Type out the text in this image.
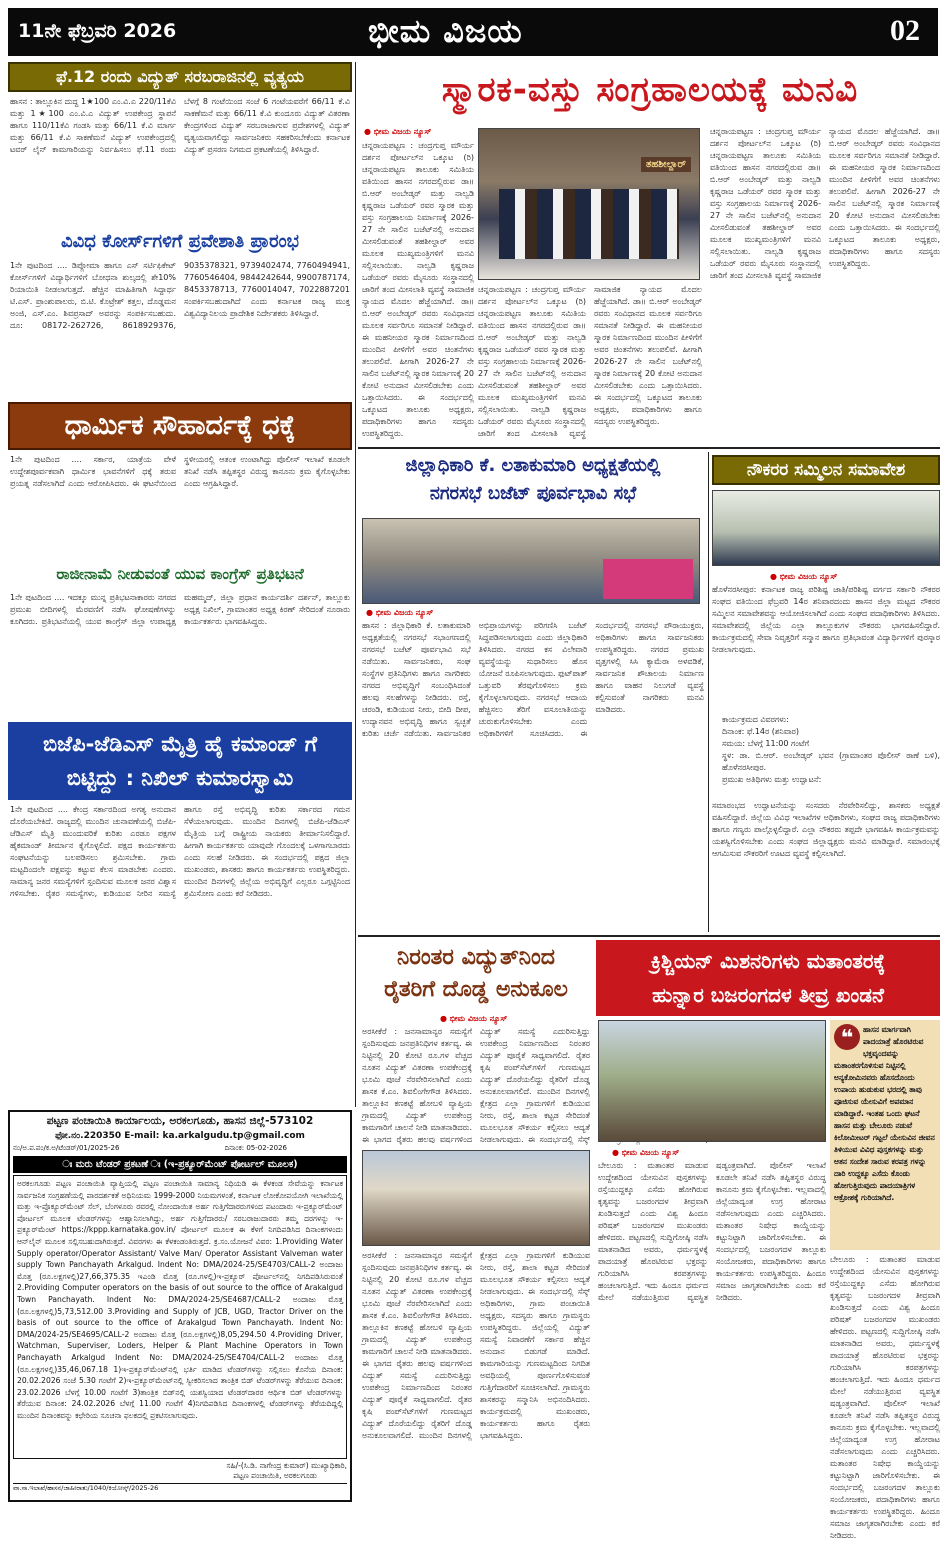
11ನೇ ಫೆಬ್ರವರಿ 2026	ಭೀಮ ವಿಜಯ	02
ಫೆ.12 ರಂದು ವಿದ್ಯುತ್ ಸರಬರಾಜಿನಲ್ಲಿ ವ್ಯತ್ಯಯ
ಹಾಸನ : ತಾಲ್ಲೂಕಿನ ದುದ್ದ 1★100 ಎಂ.ವಿ.ಎ 220/11ಕೆವಿ ಮತ್ತು 1★100 ಎಂ.ವಿ.ಎ ವಿದ್ಯುತ್ ಉಪಕೇಂದ್ರ ಸ್ಥಾಪನೆ ಹಾಗೂ 110/11ಕೆವಿ ಗಂಡಸಿ ಮತ್ತು 66/11 ಕೆ.ವಿ ಮಾರ್ಗ ಮತ್ತು 66/11 ಕೆ.ವಿ ಸಾಕಣೆಮನೆ ವಿದ್ಯುತ್ ಉಪಕೇಂದ್ರದಲ್ಲಿ ಟವರ್ ಲೈನ್ ಕಾಮಗಾರಿಯನ್ನು ನಿರ್ವಹಿಸಲು ಫೆ.11 ರಂದು ಬೆಳಗ್ಗೆ 8 ಗಂಟೆಯಿಂದ ಸಂಜೆ 6 ಗಂಟೆಯವರೆಗೆ 66/11 ಕೆ.ವಿ ಸಾಕಣೆಮನೆ ಮತ್ತು 66/11 ಕೆ.ವಿ ಕುಂದೂರು ವಿದ್ಯುತ್ ವಿತರಣಾ ಕೇಂದ್ರಗಳಿಂದ ವಿದ್ಯುತ್ ಸರಬರಾಜಾಗುವ ಪ್ರದೇಶಗಳಲ್ಲಿ ವಿದ್ಯುತ್ ವ್ಯತ್ಯಯವಾಗಲಿದ್ದು ಸಾರ್ವಜನಿಕರು ಸಹಕರಿಸಬೇಕೆಂದು ಕರ್ನಾಟಕ ವಿದ್ಯುತ್ ಪ್ರಸರಣ ನಿಗಮದ ಪ್ರಕಟಣೆಯಲ್ಲಿ ತಿಳಿಸಿದ್ದಾರೆ.
ವಿವಿಧ ಕೋರ್ಸ್‌ಗಳಿಗೆ ಪ್ರವೇಶಾತಿ ಪ್ರಾರಂಭ
1ನೇ ಪುಟದಿಂದ .... ಡಿಪ್ಲೋಮಾ ಹಾಗೂ ಎಸ್ ಸರ್ಟಿಫಿಕೇಟ್ ಕೋರ್ಸ್‌ಗಳಿಗೆ ವಿದ್ಯಾರ್ಥಿಗಳಿಗೆ ಬೋಧನಾ ಶುಲ್ಕದಲ್ಲಿ ಶೇ10% ರಿಯಾಯಿತಿ ನೀಡಲಾಗುತ್ತದೆ. ಹೆಚ್ಚಿನ ಮಾಹಿತಿಗಾಗಿ ಸಿದ್ದಾರ್ಥ ಟಿ.ಎಸ್. ಪ್ರಾಂಶುಪಾಲರು, ಬಿ.ಟಿ. ಕೊಟ್ರೇಶ್ ಕತ್ತಲ, ದೊಡ್ಡಮನ ಅಂಜಿ, ಎಸ್.ಎಂ. ಶಿವಪ್ರಸಾದ್ ಅವರನ್ನು ಸಂಪರ್ಕಿಸಬಹುದು. ದೂ: 08172-262726, 8618929376, 9035378321, 9739402474, 7760494941, 7760546404, 9844242644, 9900787174, 8453378713, 7760014047, 7022887201 ಸಂಪರ್ಕಿಸಬಹುದಾಗಿದೆ ಎಂದು ಕರ್ನಾಟಕ ರಾಜ್ಯ ಮುಕ್ತ ವಿಶ್ವವಿದ್ಯಾನಿಲಯ ಪ್ರಾದೇಶಿಕ ನಿರ್ದೇಶಕರು ತಿಳಿಸಿದ್ದಾರೆ.
ಧಾರ್ಮಿಕ ಸೌಹಾರ್ದಕ್ಕೆ ಧಕ್ಕೆ
1ನೇ ಪುಟದಿಂದ .... ಸರ್ಕಾರ, ಯಾತ್ರೆಯ ವೇಳೆ ಉದ್ದೇಶಪೂರ್ವಕವಾಗಿ ಧಾರ್ಮಿಕ ಭಾವನೆಗಳಿಗೆ ಧಕ್ಕೆ ತರುವ ಪ್ರಯತ್ನ ನಡೆಸಲಾಗಿದೆ ಎಂದು ಆರೋಪಿಸಿದರು. ಈ ಘಟನೆಯಿಂದ ಸ್ಥಳೀಯರಲ್ಲಿ ಆತಂಕ ಉಂಟಾಗಿದ್ದು ಪೊಲೀಸ್ ಇಲಾಖೆ ಕೂಡಲೇ ತನಿಖೆ ನಡೆಸಿ ತಪ್ಪಿತಸ್ಥರ ವಿರುದ್ಧ ಕಾನೂನು ಕ್ರಮ ಕೈಗೊಳ್ಳಬೇಕು ಎಂದು ಆಗ್ರಹಿಸಿದ್ದಾರೆ.
ರಾಜೀನಾಮೆ ನೀಡುವಂತೆ ಯುವ ಕಾಂಗ್ರೆಸ್ ಪ್ರತಿಭಟನೆ
1ನೇ ಪುಟದಿಂದ .... ಇದಕ್ಕೂ ಮುನ್ನ ಪ್ರತಿಭಟನಾಕಾರರು ನಗರದ ಪ್ರಮುಖ ಬೀದಿಗಳಲ್ಲಿ ಮೆರವಣಿಗೆ ನಡೆಸಿ ಘೋಷಣೆಗಳನ್ನು ಕೂಗಿದರು. ಪ್ರತಿಭಟನೆಯಲ್ಲಿ ಯುವ ಕಾಂಗ್ರೆಸ್ ಜಿಲ್ಲಾ ಉಪಾಧ್ಯಕ್ಷ ಮಹಮ್ಮದ್, ಜಿಲ್ಲಾ ಪ್ರಧಾನ ಕಾರ್ಯದರ್ಶಿ ದರ್ಶನ್, ತಾಲ್ಲೂಕು ಅಧ್ಯಕ್ಷ ನಿಖಿಲ್, ಗ್ರಾಮಾಂತರ ಅಧ್ಯಕ್ಷ ಕಿರಣ್ ಸೇರಿದಂತೆ ನೂರಾರು ಕಾರ್ಯಕರ್ತರು ಭಾಗವಹಿಸಿದ್ದರು.
ಬಿಜೆಪಿ-ಜೆಡಿಎಸ್ ಮೈತ್ರಿ ಹೈ ಕಮಾಂಡ್ ಗೆ ಬಿಟ್ಟಿದ್ದು : ನಿಖಿಲ್ ಕುಮಾರಸ್ವಾಮಿ
1ನೇ ಪುಟದಿಂದ .... ಕೇಂದ್ರ ಸರ್ಕಾರದಿಂದ ಅಗತ್ಯ ಅನುದಾನ ದೊರೆಯಬೇಕಿದೆ. ರಾಜ್ಯದಲ್ಲಿ ಮುಂದಿನ ಚುನಾವಣೆಯಲ್ಲಿ ಬಿಜೆಪಿ-ಜೆಡಿಎಸ್ ಮೈತ್ರಿ ಮುಂದುವರಿಕೆ ಕುರಿತು ಎರಡೂ ಪಕ್ಷಗಳ ಹೈಕಮಾಂಡ್ ತೀರ್ಮಾನ ಕೈಗೊಳ್ಳಲಿದೆ. ಪಕ್ಷದ ಕಾರ್ಯಕರ್ತರು ಸಂಘಟನೆಯನ್ನು ಬಲಪಡಿಸಲು ಶ್ರಮಿಸಬೇಕು. ಗ್ರಾಮ ಮಟ್ಟದಿಂದಲೇ ಪಕ್ಷವನ್ನು ಕಟ್ಟುವ ಕೆಲಸ ಮಾಡಬೇಕು ಎಂದರು. ಸಾಮಾನ್ಯ ಜನರ ಸಮಸ್ಯೆಗಳಿಗೆ ಸ್ಪಂದಿಸುವ ಮೂಲಕ ಜನರ ವಿಶ್ವಾಸ ಗಳಿಸಬೇಕು. ರೈತರ ಸಮಸ್ಯೆಗಳು, ಕುಡಿಯುವ ನೀರಿನ ಸಮಸ್ಯೆ ಹಾಗೂ ರಸ್ತೆ ಅಭಿವೃದ್ಧಿ ಕುರಿತು ಸರ್ಕಾರದ ಗಮನ ಸೆಳೆಯಲಾಗುವುದು. ಮುಂದಿನ ದಿನಗಳಲ್ಲಿ ಬಿಜೆಪಿ-ಜೆಡಿಎಸ್ ಮೈತ್ರಿಯ ಬಗ್ಗೆ ರಾಷ್ಟ್ರೀಯ ನಾಯಕರು ತೀರ್ಮಾನಿಸಲಿದ್ದಾರೆ. ಹೀಗಾಗಿ ಕಾರ್ಯಕರ್ತರು ಯಾವುದೇ ಗೊಂದಲಕ್ಕೆ ಒಳಗಾಗಬಾರದು ಎಂದು ಸಲಹೆ ನೀಡಿದರು. ಈ ಸಂದರ್ಭದಲ್ಲಿ ಪಕ್ಷದ ಜಿಲ್ಲಾ ಮುಖಂಡರು, ಶಾಸಕರು ಹಾಗೂ ಕಾರ್ಯಕರ್ತರು ಉಪಸ್ಥಿತರಿದ್ದರು. ಮುಂದಿನ ದಿನಗಳಲ್ಲಿ ಜಿಲ್ಲೆಯ ಅಭಿವೃದ್ಧಿಗೆ ಎಲ್ಲರೂ ಒಗ್ಗಟ್ಟಿನಿಂದ ಶ್ರಮಿಸೋಣ ಎಂದು ಕರೆ ನೀಡಿದರು.
ಪಟ್ಟಣ ಪಂಚಾಯಿತಿ ಕಾರ್ಯಾಲಯ, ಅರಕಲಗೂಡು, ಹಾಸನ ಜಿಲ್ಲೆ-573102
ಫೋ.ನಂ.220350 E-mail: ka.arkalgudu.tp@gmail.com
ನಂ/ಅ.ಪ.ಪಂ/ಕ.ಅ/ಟೆಂಡರ್/01/2025-26	ದಿನಾಂಕ: 05-02-2026
ಃ ಮರು ಟೆಂಡರ್ ಪ್ರಕಟಣೆ ಃ (ಇ-ಪ್ರಕ್ಯೂರ್‌ಮೆಂಟ್ ಪೋರ್ಟಲ್ ಮೂಲಕ)
ಅರಕಲಗೂಡು ಪಟ್ಟಣ ಪಂಚಾಯಿತಿ ವ್ಯಾಪ್ತಿಯಲ್ಲಿ ಪಟ್ಟಣ ಪಂಚಾಯಿತಿ ಸಾಮಾನ್ಯ ನಿಧಿಯಡಿ ಈ ಕೆಳಕಂಡ ಸೇವೆಯನ್ನು ಕರ್ನಾಟಕ ಸಾರ್ವಜನಿಕ ಸಂಗ್ರಹಣೆಯಲ್ಲಿ ಪಾರದರ್ಶಕತೆ ಅಧಿನಿಯಮ 1999-2000 ನಿಯಮಗಳಂತೆ, ಕರ್ನಾಟಕ ಲೋಕೋಪಯೋಗಿ ಇಲಾಖೆಯಲ್ಲಿ ಮತ್ತು ಇ-ಪ್ರೊಕ್ಯೂರ್‌ಮೆಂಟ್ ಸೆಲ್, ಬೆಂಗಳೂರು ರವರಲ್ಲಿ ನೋಂದಾಯಿತ ಅರ್ಹ ಗುತ್ತಿಗೆದಾರರುಗಳಿಂದ ಪಟಂದಾರು ಇ-ಪ್ರಕ್ಯೂರ್‌ಮೆಂಟ್ ಪೋರ್ಟಲ್ ಮೂಲಕ ಟೆಂಡರ್‌ಗಳನ್ನು ಆಹ್ವಾನಿಸಲಾಗಿದ್ದು, ಅರ್ಹ ಗುತ್ತಿಗೆದಾರರು/ ಸರಬರಾಜುದಾರರು ತಮ್ಮ ದರಗಳನ್ನು ಇ-ಪ್ರಕ್ಯೂರ್‌ಮೆಂಟ್ https://kppp.karnataka.gov.in/ ಪೋರ್ಟಲ್ ಮೂಲಕ ಈ ಕೆಳಗೆ ನಿಗದಿಪಡಿಸಿದ ದಿನಾಂಕಗಳಂದು ಆನ್‌ಲೈನ್ ಮೂಲಕ ಸಲ್ಲಿಸಬಹುದಾಗಿರುತ್ತದೆ. ವಿವರಗಳು ಈ ಕೆಳಕಂಡಂತಿರುತ್ತದೆ. ಕ್ರ.ಸಂ.ಯೋಜನೆ ವಿವರ: 1.Providing Water Supply operator/Operator Assistant/ Valve Man/ Operator Assistant Valveman water supply Town Panchayath Arkalgud. Indent No: DMA/2024-25/SE4703/CALL-2 ಅಂದಾಜು ಮೊತ್ತ (ರೂ.ಲಕ್ಷಗಳಲ್ಲಿ)27,66,375.35 ಇಎಂಡಿ ಮೊತ್ತ (ರೂ.ಗಳಲ್ಲಿ)ಇ-ಪ್ರಕ್ಯೂರ್ ಪೋರ್ಟಲ್‌ನಲ್ಲಿ ನಿಗದಿಪಡಿಸಿರುವಂತೆ 2.Providing Computer operators on the basis of out source to the office of Arakalgud Town Panchayath. Indent No: DMA/2024-25/SE4687/CALL-2 ಅಂದಾಜು ಮೊತ್ತ (ರೂ.ಲಕ್ಷಗಳಲ್ಲಿ)5,73,512.00 3.Providing and Supply of JCB, UGD, Tractor Driver on the basis of out source to the office of Arakalgud Town Panchayath. Indent No: DMA/2024-25/SE4695/CALL-2 ಅಂದಾಜು ಮೊತ್ತ (ರೂ.ಲಕ್ಷಗಳಲ್ಲಿ)8,05,294.50 4.Providing Driver, Watchman, Superviser, Loders, Helper & Plant Machine Operators in Town Panchayath Arkalgud Indent No: DMA/2024-25/SE4704/CALL-2 ಅಂದಾಜು ಮೊತ್ತ (ರೂ.ಲಕ್ಷಗಳಲ್ಲಿ)35,46,067.18 1)ಇ-ಪ್ರಕ್ಯೂರ್‌ಮೆಂಟ್‌ನಲ್ಲಿ ಭರ್ತಿ ಮಾಡಿದ ಟೆಂಡರ್‌ಗಳನ್ನು ಸಲ್ಲಿಸಲು ಕೊನೆಯ ದಿನಾಂಕ: 20.02.2026 ಸಂಜೆ 5.30 ಗಂಟೆಗೆ 2)ಇ-ಪ್ರಕ್ಯೂರ್‌ಮೆಂಟ್‌ನಲ್ಲಿ ಸ್ವೀಕರಿಸಲಾದ ತಾಂತ್ರಿಕ ಬಿಡ್ ಟೆಂಡರ್‌ಗಳನ್ನು ತೆರೆಯುವ ದಿನಾಂಕ: 23.02.2026 ಬೆಳಗ್ಗೆ 10.00 ಗಂಟೆಗೆ 3)ತಾಂತ್ರಿಕ ಬಿಡ್‌ನಲ್ಲಿ ಯಶಸ್ವಿಯಾದ ಟೆಂಡರ್‌ದಾರರ ಆರ್ಥಿಕ ಬಿಡ್ ಟೆಂಡರ್‌ಗಳನ್ನು ತೆರೆಯುವ ದಿನಾಂಕ: 24.02.2026 ಬೆಳಗ್ಗೆ 11.00 ಗಂಟೆಗೆ 4)ನಿಗದಿಪಡಿಸಿದ ದಿನಾಂಕಗಳಲ್ಲಿ ಟೆಂಡರ್‌ಗಳನ್ನು ತೆರೆಯದಿದ್ದಲ್ಲಿ ಮುಂದಿನ ದಿನಾಂಕವನ್ನು ಕಛೇರಿಯ ಸೂಚನಾ ಫಲಕದಲ್ಲಿ ಪ್ರಕಟಿಸಲಾಗುವುದು.
ಸಹಿ/-(ಸಿ.ಡಿ. ನಾಗೇಂದ್ರ ಕುಮಾರ್) ಮುಖ್ಯಾಧಿಕಾರಿ,
ಪಟ್ಟಣ ಪಂಚಾಯಿತಿ, ಅರಕಲಗೂಡು
ವಾ.ಸಾ.ಇಲಾಖೆ/ಹಾಸನ/ಜಾಹೀರಾತು/1040/ಕಿಯೋಸ್ಕ್/2025-26
ಸ್ಮಾರಕ-ವಸ್ತು ಸಂಗ್ರಹಾಲಯಕ್ಕೆ ಮನವಿ
● ಭೀಮ ವಿಜಯ ನ್ಯೂಸ್
ತಹಶೀಲ್ದಾರ್
ಚನ್ನರಾಯಪಟ್ಟಣ : ಚಂದ್ರಗುಪ್ತ ಮೌರ್ಯ ದರ್ಶನ ಪೋರ್ಟಲ್‌ನ ಒಕ್ಕೂಟ (ರಿ) ಚನ್ನರಾಯಪಟ್ಟಣ ತಾಲೂಕು ಸಮಿತಿಯ ವತಿಯಿಂದ ಹಾಸನ ನಗರದಲ್ಲಿರುವ ಡಾ॥ ಬಿ.ಆರ್ ಅಂಬೇಡ್ಕರ್ ಮತ್ತು ನಾಲ್ವಡಿ ಕೃಷ್ಣರಾಜ ಒಡೆಯರ್ ರವರ ಸ್ಮಾರಕ ಮತ್ತು ವಸ್ತು ಸಂಗ್ರಹಾಲಯ ನಿರ್ಮಾಣಕ್ಕೆ 2026-27 ನೇ ಸಾಲಿನ ಬಜೆಟ್‌ನಲ್ಲಿ ಅನುದಾನ ಮೀಸಲಿಡುವಂತೆ ತಹಶೀಲ್ದಾರ್ ಅವರ ಮೂಲಕ ಮುಖ್ಯಮಂತ್ರಿಗಳಿಗೆ ಮನವಿ ಸಲ್ಲಿಸಲಾಯಿತು. ನಾಲ್ವಡಿ ಕೃಷ್ಣರಾಜ ಒಡೆಯರ್ ರವರು ಮೈಸೂರು ಸಂಸ್ಥಾನದಲ್ಲಿ ಜಾರಿಗೆ ತಂದ ಮೀಸಲಾತಿ ವ್ಯವಸ್ಥೆ ಸಾಮಾಜಿಕ ನ್ಯಾಯದ ಮೊದಲ ಹೆಜ್ಜೆಯಾಗಿದೆ. ಡಾ॥ ಬಿ.ಆರ್ ಅಂಬೇಡ್ಕರ್ ರವರು ಸಂವಿಧಾನದ ಮೂಲಕ ಸರ್ವರಿಗೂ ಸಮಾನತೆ ನೀಡಿದ್ದಾರೆ. ಈ ಮಹನೀಯರ ಸ್ಮಾರಕ ನಿರ್ಮಾಣದಿಂದ ಮುಂದಿನ ಪೀಳಿಗೆಗೆ ಅವರ ಚಿಂತನೆಗಳು ತಲುಪಲಿವೆ. ಹೀಗಾಗಿ 2026-27 ನೇ ಸಾಲಿನ ಬಜೆಟ್‌ನಲ್ಲಿ ಸ್ಮಾರಕ ನಿರ್ಮಾಣಕ್ಕೆ 20 ಕೋಟಿ ಅನುದಾನ ಮೀಸಲಿಡಬೇಕು ಎಂದು ಒತ್ತಾಯಿಸಿದರು. ಈ ಸಂದರ್ಭದಲ್ಲಿ ಒಕ್ಕೂಟದ ತಾಲೂಕು ಅಧ್ಯಕ್ಷರು, ಪದಾಧಿಕಾರಿಗಳು ಹಾಗೂ ಸದಸ್ಯರು ಉಪಸ್ಥಿತರಿದ್ದರು.
ಚನ್ನರಾಯಪಟ್ಟಣ : ಚಂದ್ರಗುಪ್ತ ಮೌರ್ಯ ದರ್ಶನ ಪೋರ್ಟಲ್‌ನ ಒಕ್ಕೂಟ (ರಿ) ಚನ್ನರಾಯಪಟ್ಟಣ ತಾಲೂಕು ಸಮಿತಿಯ ವತಿಯಿಂದ ಹಾಸನ ನಗರದಲ್ಲಿರುವ ಡಾ॥ ಬಿ.ಆರ್ ಅಂಬೇಡ್ಕರ್ ಮತ್ತು ನಾಲ್ವಡಿ ಕೃಷ್ಣರಾಜ ಒಡೆಯರ್ ರವರ ಸ್ಮಾರಕ ಮತ್ತು ವಸ್ತು ಸಂಗ್ರಹಾಲಯ ನಿರ್ಮಾಣಕ್ಕೆ 2026-27 ನೇ ಸಾಲಿನ ಬಜೆಟ್‌ನಲ್ಲಿ ಅನುದಾನ ಮೀಸಲಿಡುವಂತೆ ತಹಶೀಲ್ದಾರ್ ಅವರ ಮೂಲಕ ಮುಖ್ಯಮಂತ್ರಿಗಳಿಗೆ ಮನವಿ ಸಲ್ಲಿಸಲಾಯಿತು. ನಾಲ್ವಡಿ ಕೃಷ್ಣರಾಜ ಒಡೆಯರ್ ರವರು ಮೈಸೂರು ಸಂಸ್ಥಾನದಲ್ಲಿ ಜಾರಿಗೆ ತಂದ ಮೀಸಲಾತಿ ವ್ಯವಸ್ಥೆ ಸಾಮಾಜಿಕ ನ್ಯಾಯದ ಮೊದಲ ಹೆಜ್ಜೆಯಾಗಿದೆ. ಡಾ॥ ಬಿ.ಆರ್ ಅಂಬೇಡ್ಕರ್ ರವರು ಸಂವಿಧಾನದ ಮೂಲಕ ಸರ್ವರಿಗೂ ಸಮಾನತೆ ನೀಡಿದ್ದಾರೆ. ಈ ಮಹನೀಯರ ಸ್ಮಾರಕ ನಿರ್ಮಾಣದಿಂದ ಮುಂದಿನ ಪೀಳಿಗೆಗೆ ಅವರ ಚಿಂತನೆಗಳು ತಲುಪಲಿವೆ. ಹೀಗಾಗಿ 2026-27 ನೇ ಸಾಲಿನ ಬಜೆಟ್‌ನಲ್ಲಿ ಸ್ಮಾರಕ ನಿರ್ಮಾಣಕ್ಕೆ 20 ಕೋಟಿ ಅನುದಾನ ಮೀಸಲಿಡಬೇಕು ಎಂದು ಒತ್ತಾಯಿಸಿದರು. ಈ ಸಂದರ್ಭದಲ್ಲಿ ಒಕ್ಕೂಟದ ತಾಲೂಕು ಅಧ್ಯಕ್ಷರು, ಪದಾಧಿಕಾರಿಗಳು ಹಾಗೂ ಸದಸ್ಯರು ಉಪಸ್ಥಿತರಿದ್ದರು.
ಚನ್ನರಾಯಪಟ್ಟಣ : ಚಂದ್ರಗುಪ್ತ ಮೌರ್ಯ ದರ್ಶನ ಪೋರ್ಟಲ್‌ನ ಒಕ್ಕೂಟ (ರಿ) ಚನ್ನರಾಯಪಟ್ಟಣ ತಾಲೂಕು ಸಮಿತಿಯ ವತಿಯಿಂದ ಹಾಸನ ನಗರದಲ್ಲಿರುವ ಡಾ॥ ಬಿ.ಆರ್ ಅಂಬೇಡ್ಕರ್ ಮತ್ತು ನಾಲ್ವಡಿ ಕೃಷ್ಣರಾಜ ಒಡೆಯರ್ ರವರ ಸ್ಮಾರಕ ಮತ್ತು ವಸ್ತು ಸಂಗ್ರಹಾಲಯ ನಿರ್ಮಾಣಕ್ಕೆ 2026-27 ನೇ ಸಾಲಿನ ಬಜೆಟ್‌ನಲ್ಲಿ ಅನುದಾನ ಮೀಸಲಿಡುವಂತೆ ತಹಶೀಲ್ದಾರ್ ಅವರ ಮೂಲಕ ಮುಖ್ಯಮಂತ್ರಿಗಳಿಗೆ ಮನವಿ ಸಲ್ಲಿಸಲಾಯಿತು. ನಾಲ್ವಡಿ ಕೃಷ್ಣರಾಜ ಒಡೆಯರ್ ರವರು ಮೈಸೂರು ಸಂಸ್ಥಾನದಲ್ಲಿ ಜಾರಿಗೆ ತಂದ ಮೀಸಲಾತಿ ವ್ಯವಸ್ಥೆ ಸಾಮಾಜಿಕ ನ್ಯಾಯದ ಮೊದಲ ಹೆಜ್ಜೆಯಾಗಿದೆ. ಡಾ॥ ಬಿ.ಆರ್ ಅಂಬೇಡ್ಕರ್ ರವರು ಸಂವಿಧಾನದ ಮೂಲಕ ಸರ್ವರಿಗೂ ಸಮಾನತೆ ನೀಡಿದ್ದಾರೆ. ಈ ಮಹನೀಯರ ಸ್ಮಾರಕ ನಿರ್ಮಾಣದಿಂದ ಮುಂದಿನ ಪೀಳಿಗೆಗೆ ಅವರ ಚಿಂತನೆಗಳು ತಲುಪಲಿವೆ. ಹೀಗಾಗಿ 2026-27 ನೇ ಸಾಲಿನ ಬಜೆಟ್‌ನಲ್ಲಿ ಸ್ಮಾರಕ ನಿರ್ಮಾಣಕ್ಕೆ 20 ಕೋಟಿ ಅನುದಾನ ಮೀಸಲಿಡಬೇಕು ಎಂದು ಒತ್ತಾಯಿಸಿದರು. ಈ ಸಂದರ್ಭದಲ್ಲಿ ಒಕ್ಕೂಟದ ತಾಲೂಕು ಅಧ್ಯಕ್ಷರು, ಪದಾಧಿಕಾರಿಗಳು ಹಾಗೂ ಸದಸ್ಯರು ಉಪಸ್ಥಿತರಿದ್ದರು.
ಜಿಲ್ಲಾಧಿಕಾರಿ ಕೆ. ಲತಾಕುಮಾರಿ ಅಧ್ಯಕ್ಷತೆಯಲ್ಲಿ
ನಗರಸಭೆ ಬಜೆಟ್ ಪೂರ್ವಭಾವಿ ಸಭೆ
● ಭೀಮ ವಿಜಯ ನ್ಯೂಸ್
ಹಾಸನ : ಜಿಲ್ಲಾಧಿಕಾರಿ ಕೆ. ಲತಾಕುಮಾರಿ ಅಧ್ಯಕ್ಷತೆಯಲ್ಲಿ ನಗರಸಭೆ ಸಭಾಂಗಣದಲ್ಲಿ ನಗರಸಭೆ ಬಜೆಟ್ ಪೂರ್ವಭಾವಿ ಸಭೆ ನಡೆಯಿತು. ಸಾರ್ವಜನಿಕರು, ಸಂಘ ಸಂಸ್ಥೆಗಳ ಪ್ರತಿನಿಧಿಗಳು ಹಾಗೂ ನಾಗರಿಕರು ನಗರದ ಅಭಿವೃದ್ಧಿಗೆ ಸಂಬಂಧಿಸಿದಂತೆ ಹಲವು ಸಲಹೆಗಳನ್ನು ನೀಡಿದರು. ರಸ್ತೆ, ಚರಂಡಿ, ಕುಡಿಯುವ ನೀರು, ಬೀದಿ ದೀಪ, ಉದ್ಯಾನವನ ಅಭಿವೃದ್ಧಿ ಹಾಗೂ ಸ್ವಚ್ಛತೆ ಕುರಿತು ಚರ್ಚೆ ನಡೆಯಿತು. ಸಾರ್ವಜನಿಕರ ಅಭಿಪ್ರಾಯಗಳನ್ನು ಪರಿಗಣಿಸಿ ಬಜೆಟ್ ಸಿದ್ಧಪಡಿಸಲಾಗುವುದು ಎಂದು ಜಿಲ್ಲಾಧಿಕಾರಿ ತಿಳಿಸಿದರು. ನಗರದ ಕಸ ವಿಲೇವಾರಿ ವ್ಯವಸ್ಥೆಯನ್ನು ಸುಧಾರಿಸಲು ಹೊಸ ಯೋಜನೆ ರೂಪಿಸಲಾಗುವುದು. ಫುಟ್‌ಪಾತ್ ಒತ್ತುವರಿ ತೆರವುಗೊಳಿಸಲು ಕ್ರಮ ಕೈಗೊಳ್ಳಲಾಗುವುದು. ನಗರಸಭೆ ಆದಾಯ ಹೆಚ್ಚಿಸಲು ತೆರಿಗೆ ವಸೂಲಾತಿಯನ್ನು ಚುರುಕುಗೊಳಿಸಬೇಕು ಎಂದು ಅಧಿಕಾರಿಗಳಿಗೆ ಸೂಚಿಸಿದರು. ಈ ಸಂದರ್ಭದಲ್ಲಿ ನಗರಸಭೆ ಪೌರಾಯುಕ್ತರು, ಅಧಿಕಾರಿಗಳು ಹಾಗೂ ಸಾರ್ವಜನಿಕರು ಉಪಸ್ಥಿತರಿದ್ದರು. ನಗರದ ಪ್ರಮುಖ ವೃತ್ತಗಳಲ್ಲಿ ಸಿಸಿ ಕ್ಯಾಮೆರಾ ಅಳವಡಿಕೆ, ಸಾರ್ವಜನಿಕ ಶೌಚಾಲಯ ನಿರ್ಮಾಣ ಹಾಗೂ ವಾಹನ ನಿಲುಗಡೆ ವ್ಯವಸ್ಥೆ ಕಲ್ಪಿಸುವಂತೆ ನಾಗರಿಕರು ಮನವಿ ಮಾಡಿದರು.
ನೌಕರರ ಸಮ್ಮಿಲನ ಸಮಾವೇಶ
● ಭೀಮ ವಿಜಯ ನ್ಯೂಸ್
ಹೊಳೆನರಸೀಪುರ: ಕರ್ನಾಟಕ ರಾಜ್ಯ ಪರಿಶಿಷ್ಟ ಜಾತಿ/ಪರಿಶಿಷ್ಟ ವರ್ಗದ ಸರ್ಕಾರಿ ನೌಕರರ ಸಂಘದ ವತಿಯಿಂದ ಫೆಬ್ರವರಿ 14ರ ಶನಿವಾರದಂದು ಹಾಸನ ಜಿಲ್ಲಾ ಮಟ್ಟದ ನೌಕರರ ಸಮ್ಮಿಲನ ಸಮಾವೇಶವನ್ನು ಆಯೋಜಿಸಲಾಗಿದೆ ಎಂದು ಸಂಘದ ಪದಾಧಿಕಾರಿಗಳು ತಿಳಿಸಿದರು. ಸಮಾವೇಶದಲ್ಲಿ ಜಿಲ್ಲೆಯ ಎಲ್ಲಾ ತಾಲ್ಲೂಕುಗಳ ನೌಕರರು ಭಾಗವಹಿಸಲಿದ್ದಾರೆ. ಕಾರ್ಯಕ್ರಮದಲ್ಲಿ ಸೇವಾ ನಿವೃತ್ತರಿಗೆ ಸನ್ಮಾನ ಹಾಗೂ ಪ್ರತಿಭಾವಂತ ವಿದ್ಯಾರ್ಥಿಗಳಿಗೆ ಪುರಸ್ಕಾರ ನೀಡಲಾಗುವುದು.
ಕಾರ್ಯಕ್ರಮದ ವಿವರಗಳು:
ದಿನಾಂಕ: ಫೆ.14ರ (ಶನಿವಾರ)
ಸಮಯ: ಬೆಳಗ್ಗೆ 11:00 ಗಂಟೆಗೆ
ಸ್ಥಳ: ಡಾ. ಬಿ.ಆರ್. ಅಂಬೇಡ್ಕರ್ ಭವನ (ಗ್ರಾಮಾಂತರ ಪೊಲೀಸ್ ಠಾಣೆ ಬಳಿ), ಹೊಳೆನರಸೀಪುರ.
ಪ್ರಮುಖ ಅತಿಥಿಗಳು ಮತ್ತು ಉದ್ಘಾಟನೆ:
ಸಮಾರಂಭದ ಉದ್ಘಾಟನೆಯನ್ನು ಸಂಸದರು ನೆರವೇರಿಸಲಿದ್ದು, ಶಾಸಕರು ಅಧ್ಯಕ್ಷತೆ ವಹಿಸಲಿದ್ದಾರೆ. ಜಿಲ್ಲೆಯ ವಿವಿಧ ಇಲಾಖೆಗಳ ಅಧಿಕಾರಿಗಳು, ಸಂಘದ ರಾಜ್ಯ ಪದಾಧಿಕಾರಿಗಳು ಹಾಗೂ ಗಣ್ಯರು ಪಾಲ್ಗೊಳ್ಳಲಿದ್ದಾರೆ. ಎಲ್ಲಾ ನೌಕರರು ತಪ್ಪದೇ ಭಾಗವಹಿಸಿ ಕಾರ್ಯಕ್ರಮವನ್ನು ಯಶಸ್ವಿಗೊಳಿಸಬೇಕು ಎಂದು ಸಂಘದ ಜಿಲ್ಲಾಧ್ಯಕ್ಷರು ಮನವಿ ಮಾಡಿದ್ದಾರೆ. ಸಮಾರಂಭಕ್ಕೆ ಆಗಮಿಸುವ ನೌಕರರಿಗೆ ಊಟದ ವ್ಯವಸ್ಥೆ ಕಲ್ಪಿಸಲಾಗಿದೆ.
ನಿರಂತರ ವಿದ್ಯುತ್‌ನಿಂದ
ರೈತರಿಗೆ ದೊಡ್ಡ ಅನುಕೂಲ
● ಭೀಮ ವಿಜಯ ನ್ಯೂಸ್
ಅರಸೀಕೆರೆ : ಜನಸಾಮಾನ್ಯರ ಸಮಸ್ಯೆಗೆ ಸ್ಪಂದಿಸುವುದು ಜನಪ್ರತಿನಿಧಿಗಳ ಕರ್ತವ್ಯ. ಈ ನಿಟ್ಟಿನಲ್ಲಿ 20 ಕೋಟಿ ರೂ.ಗಳ ವೆಚ್ಚದ ನೂತನ ವಿದ್ಯುತ್ ವಿತರಣಾ ಉಪಕೇಂದ್ರಕ್ಕೆ ಭೂಮಿ ಪೂಜೆ ನೆರವೇರಿಸಲಾಗಿದೆ ಎಂದು ಶಾಸಕ ಕೆ.ಎಂ. ಶಿವಲಿಂಗೇಗೌಡ ತಿಳಿಸಿದರು. ತಾಲ್ಲೂಕಿನ ಕಣಕಟ್ಟೆ ಹೋಬಳಿ ವ್ಯಾಪ್ತಿಯ ಗ್ರಾಮದಲ್ಲಿ ವಿದ್ಯುತ್ ಉಪಕೇಂದ್ರ ಕಾಮಗಾರಿಗೆ ಚಾಲನೆ ನೀಡಿ ಮಾತನಾಡಿದರು. ಈ ಭಾಗದ ರೈತರು ಹಲವು ವರ್ಷಗಳಿಂದ ವಿದ್ಯುತ್ ಸಮಸ್ಯೆ ಎದುರಿಸುತ್ತಿದ್ದು ಉಪಕೇಂದ್ರ ನಿರ್ಮಾಣದಿಂದ ನಿರಂತರ ವಿದ್ಯುತ್ ಪೂರೈಕೆ ಸಾಧ್ಯವಾಗಲಿದೆ. ರೈತರ ಕೃಷಿ ಪಂಪ್‌ಸೆಟ್‌ಗಳಿಗೆ ಗುಣಮಟ್ಟದ ವಿದ್ಯುತ್ ದೊರೆಯಲಿದ್ದು ರೈತರಿಗೆ ದೊಡ್ಡ ಅನುಕೂಲವಾಗಲಿದೆ. ಮುಂದಿನ ದಿನಗಳಲ್ಲಿ ಕ್ಷೇತ್ರದ ಎಲ್ಲಾ ಗ್ರಾಮಗಳಿಗೆ ಕುಡಿಯುವ ನೀರು, ರಸ್ತೆ, ಶಾಲಾ ಕಟ್ಟಡ ಸೇರಿದಂತೆ ಮೂಲಭೂತ ಸೌಕರ್ಯ ಕಲ್ಪಿಸಲು ಆದ್ಯತೆ ನೀಡಲಾಗುವುದು. ಈ ಸಂದರ್ಭದಲ್ಲಿ ಸೆಸ್ಕ್
ಅರಸೀಕೆರೆ : ಜನಸಾಮಾನ್ಯರ ಸಮಸ್ಯೆಗೆ ಸ್ಪಂದಿಸುವುದು ಜನಪ್ರತಿನಿಧಿಗಳ ಕರ್ತವ್ಯ. ಈ ನಿಟ್ಟಿನಲ್ಲಿ 20 ಕೋಟಿ ರೂ.ಗಳ ವೆಚ್ಚದ ನೂತನ ವಿದ್ಯುತ್ ವಿತರಣಾ ಉಪಕೇಂದ್ರಕ್ಕೆ ಭೂಮಿ ಪೂಜೆ ನೆರವೇರಿಸಲಾಗಿದೆ ಎಂದು ಶಾಸಕ ಕೆ.ಎಂ. ಶಿವಲಿಂಗೇಗೌಡ ತಿಳಿಸಿದರು. ತಾಲ್ಲೂಕಿನ ಕಣಕಟ್ಟೆ ಹೋಬಳಿ ವ್ಯಾಪ್ತಿಯ ಗ್ರಾಮದಲ್ಲಿ ವಿದ್ಯುತ್ ಉಪಕೇಂದ್ರ ಕಾಮಗಾರಿಗೆ ಚಾಲನೆ ನೀಡಿ ಮಾತನಾಡಿದರು. ಈ ಭಾಗದ ರೈತರು ಹಲವು ವರ್ಷಗಳಿಂದ ವಿದ್ಯುತ್ ಸಮಸ್ಯೆ ಎದುರಿಸುತ್ತಿದ್ದು ಉಪಕೇಂದ್ರ ನಿರ್ಮಾಣದಿಂದ ನಿರಂತರ ವಿದ್ಯುತ್ ಪೂರೈಕೆ ಸಾಧ್ಯವಾಗಲಿದೆ. ರೈತರ ಕೃಷಿ ಪಂಪ್‌ಸೆಟ್‌ಗಳಿಗೆ ಗುಣಮಟ್ಟದ ವಿದ್ಯುತ್ ದೊರೆಯಲಿದ್ದು ರೈತರಿಗೆ ದೊಡ್ಡ ಅನುಕೂಲವಾಗಲಿದೆ. ಮುಂದಿನ ದಿನಗಳಲ್ಲಿ ಕ್ಷೇತ್ರದ ಎಲ್ಲಾ ಗ್ರಾಮಗಳಿಗೆ ಕುಡಿಯುವ ನೀರು, ರಸ್ತೆ, ಶಾಲಾ ಕಟ್ಟಡ ಸೇರಿದಂತೆ ಮೂಲಭೂತ ಸೌಕರ್ಯ ಕಲ್ಪಿಸಲು ಆದ್ಯತೆ ನೀಡಲಾಗುವುದು. ಈ ಸಂದರ್ಭದಲ್ಲಿ ಸೆಸ್ಕ್ ಅಧಿಕಾರಿಗಳು, ಗ್ರಾಮ ಪಂಚಾಯಿತಿ ಅಧ್ಯಕ್ಷರು, ಸದಸ್ಯರು ಹಾಗೂ ಗ್ರಾಮಸ್ಥರು ಉಪಸ್ಥಿತರಿದ್ದರು. ಜಿಲ್ಲೆಯಲ್ಲಿ ವಿದ್ಯುತ್ ಸಮಸ್ಯೆ ನಿವಾರಣೆಗೆ ಸರ್ಕಾರ ಹೆಚ್ಚಿನ ಅನುದಾನ ಬಿಡುಗಡೆ ಮಾಡಿದೆ. ಕಾಮಗಾರಿಯನ್ನು ಗುಣಮಟ್ಟದಿಂದ ನಿಗದಿತ ಅವಧಿಯಲ್ಲಿ ಪೂರ್ಣಗೊಳಿಸುವಂತೆ ಗುತ್ತಿಗೆದಾರರಿಗೆ ಸೂಚಿಸಲಾಗಿದೆ. ಗ್ರಾಮಸ್ಥರು ಶಾಸಕರನ್ನು ಸನ್ಮಾನಿಸಿ ಅಭಿನಂದಿಸಿದರು. ಕಾರ್ಯಕ್ರಮದಲ್ಲಿ ಮುಖಂಡರು, ಕಾರ್ಯಕರ್ತರು ಹಾಗೂ ರೈತರು ಭಾಗವಹಿಸಿದ್ದರು.
ಕ್ರಿಶ್ಚಿಯನ್ ಮಿಶನರಿಗಳು ಮತಾಂತರಕ್ಕೆ
ಹುನ್ನಾರ ಬಜರಂಗದಳ ತೀವ್ರ ಖಂಡನೆ
❝	ಹಾಸನ ಮಾರ್ಗವಾಗಿ ಪಾದಯಾತ್ರೆ ಹೊರಟಿರುವ ಭಕ್ತವೃಂದವನ್ನು ಮತಾಂತರಗೊಳಿಸುವ ನಿಟ್ಟಿನಲ್ಲಿ ಅನ್ಯಕೋಮಿನವರು ಹೊಸದೊಂದು ಉಪಾಯ ಹುಡುಕುವ ಭರದಲ್ಲಿ ತಾವು ಪೂಜಿಸುವ ಯೇಸುವಿಗೆ ಅಪಮಾನ ಮಾಡಿದ್ದಾರೆ. ಇಂತಹ ಒಂದು ಘಟನೆ ಹಾಸನ ಮತ್ತು ಬೇಲೂರು ನಡುವೆ ಕಿಲೋಮೀಟರ್ ಗಟ್ಟಲೆ ಯೇಸುವಿನ ಜೀವನ ತಿಳಿಯುವ ವಿವಿಧ ಪುಸ್ತಕಗಳನ್ನು ಮತ್ತು ಆತನ ಸಂದೇಶ ಸಾರುವ ಕರಪತ್ರ ಗಳನ್ನು ದಾರಿ ಉದ್ದಕ್ಕೂ ಎಸೆದು ಕೊಂಡು ಹೋಗುತ್ತಿರುವುದು ಪಾದಯಾತ್ರಿಗಳ ಆಕ್ರೋಶಕ್ಕೆ ಗುರಿಯಾಗಿದೆ.
● ಭೀಮ ವಿಜಯ ನ್ಯೂಸ್
ಬೇಲೂರು : ಮತಾಂತರ ಮಾಡುವ ಉದ್ದೇಶದಿಂದ ಯೇಸುವಿನ ಪುಸ್ತಕಗಳನ್ನು ರಸ್ತೆಯುದ್ದಕ್ಕೂ ಎಸೆದು ಹೋಗಿರುವ ಕೃತ್ಯವನ್ನು ಬಜರಂಗದಳ ತೀವ್ರವಾಗಿ ಖಂಡಿಸುತ್ತದೆ ಎಂದು ವಿಶ್ವ ಹಿಂದೂ ಪರಿಷತ್ ಬಜರಂಗದಳ ಮುಖಂಡರು ಹೇಳಿದರು. ಪಟ್ಟಣದಲ್ಲಿ ಸುದ್ದಿಗೋಷ್ಠಿ ನಡೆಸಿ ಮಾತನಾಡಿದ ಅವರು, ಧರ್ಮಸ್ಥಳಕ್ಕೆ ಪಾದಯಾತ್ರೆ ಹೊರಟಿರುವ ಭಕ್ತರನ್ನು ಗುರಿಯಾಗಿಸಿ ಕರಪತ್ರಗಳನ್ನು ಹಂಚಲಾಗುತ್ತಿದೆ. ಇದು ಹಿಂದೂ ಧರ್ಮದ ಮೇಲೆ ನಡೆಯುತ್ತಿರುವ ವ್ಯವಸ್ಥಿತ ಷಡ್ಯಂತ್ರವಾಗಿದೆ. ಪೊಲೀಸ್ ಇಲಾಖೆ ಕೂಡಲೇ ತನಿಖೆ ನಡೆಸಿ ತಪ್ಪಿತಸ್ಥರ ವಿರುದ್ಧ ಕಾನೂನು ಕ್ರಮ ಕೈಗೊಳ್ಳಬೇಕು. ಇಲ್ಲವಾದಲ್ಲಿ ಜಿಲ್ಲೆಯಾದ್ಯಂತ ಉಗ್ರ ಹೋರಾಟ ನಡೆಸಲಾಗುವುದು ಎಂದು ಎಚ್ಚರಿಸಿದರು. ಮತಾಂತರ ನಿಷೇಧ ಕಾಯ್ದೆಯನ್ನು ಕಟ್ಟುನಿಟ್ಟಾಗಿ ಜಾರಿಗೊಳಿಸಬೇಕು. ಈ ಸಂದರ್ಭದಲ್ಲಿ ಬಜರಂಗದಳ ತಾಲ್ಲೂಕು ಸಂಯೋಜಕರು, ಪದಾಧಿಕಾರಿಗಳು ಹಾಗೂ ಕಾರ್ಯಕರ್ತರು ಉಪಸ್ಥಿತರಿದ್ದರು. ಹಿಂದೂ ಸಮಾಜ ಜಾಗೃತರಾಗಿರಬೇಕು ಎಂದು ಕರೆ ನೀಡಿದರು.
ಬೇಲೂರು : ಮತಾಂತರ ಮಾಡುವ ಉದ್ದೇಶದಿಂದ ಯೇಸುವಿನ ಪುಸ್ತಕಗಳನ್ನು ರಸ್ತೆಯುದ್ದಕ್ಕೂ ಎಸೆದು ಹೋಗಿರುವ ಕೃತ್ಯವನ್ನು ಬಜರಂಗದಳ ತೀವ್ರವಾಗಿ ಖಂಡಿಸುತ್ತದೆ ಎಂದು ವಿಶ್ವ ಹಿಂದೂ ಪರಿಷತ್ ಬಜರಂಗದಳ ಮುಖಂಡರು ಹೇಳಿದರು. ಪಟ್ಟಣದಲ್ಲಿ ಸುದ್ದಿಗೋಷ್ಠಿ ನಡೆಸಿ ಮಾತನಾಡಿದ ಅವರು, ಧರ್ಮಸ್ಥಳಕ್ಕೆ ಪಾದಯಾತ್ರೆ ಹೊರಟಿರುವ ಭಕ್ತರನ್ನು ಗುರಿಯಾಗಿಸಿ ಕರಪತ್ರಗಳನ್ನು ಹಂಚಲಾಗುತ್ತಿದೆ. ಇದು ಹಿಂದೂ ಧರ್ಮದ ಮೇಲೆ ನಡೆಯುತ್ತಿರುವ ವ್ಯವಸ್ಥಿತ ಷಡ್ಯಂತ್ರವಾಗಿದೆ. ಪೊಲೀಸ್ ಇಲಾಖೆ ಕೂಡಲೇ ತನಿಖೆ ನಡೆಸಿ ತಪ್ಪಿತಸ್ಥರ ವಿರುದ್ಧ ಕಾನೂನು ಕ್ರಮ ಕೈಗೊಳ್ಳಬೇಕು. ಇಲ್ಲವಾದಲ್ಲಿ ಜಿಲ್ಲೆಯಾದ್ಯಂತ ಉಗ್ರ ಹೋರಾಟ ನಡೆಸಲಾಗುವುದು ಎಂದು ಎಚ್ಚರಿಸಿದರು. ಮತಾಂತರ ನಿಷೇಧ ಕಾಯ್ದೆಯನ್ನು ಕಟ್ಟುನಿಟ್ಟಾಗಿ ಜಾರಿಗೊಳಿಸಬೇಕು. ಈ ಸಂದರ್ಭದಲ್ಲಿ ಬಜರಂಗದಳ ತಾಲ್ಲೂಕು ಸಂಯೋಜಕರು, ಪದಾಧಿಕಾರಿಗಳು ಹಾಗೂ ಕಾರ್ಯಕರ್ತರು ಉಪಸ್ಥಿತರಿದ್ದರು. ಹಿಂದೂ ಸಮಾಜ ಜಾಗೃತರಾಗಿರಬೇಕು ಎಂದು ಕರೆ ನೀಡಿದರು.
